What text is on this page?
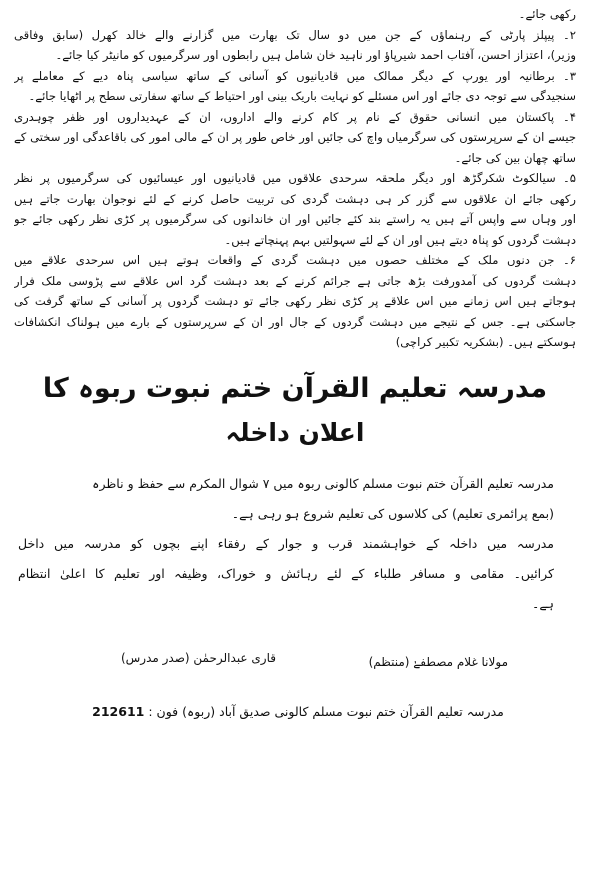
رکھی جائے۔
۲۔ پیپلز پارٹی کے رہنماؤں کے جن میں دو سال تک بھارت میں گزارنے والے خالد کھرل (سابق وفاقی
وزیر)، اعتزاز احسن، آفتاب احمد شیرپاؤ اور ناہید خان شامل ہیں رابطوں اور سرگرمیوں کو مانیٹر کیا جائے۔
۳۔ برطانیہ اور یورپ کے دیگر ممالک میں قادیانیوں کو آسانی کے ساتھ سیاسی پناہ دیے کے معاملے پر
سنجیدگی سے توجہ دی جائے اور اس مسئلے کو نہایت باریک بینی اور احتیاط کے ساتھ سفارتی سطح پر اٹھایا جائے۔
۴۔ پاکستان میں انسانی حقوق کے نام پر کام کرنے والے اداروں، ان کے عہدیداروں اور ظفر چوہدری
جیسے ان کے سرپرستوں کی سرگرمیاں واچ کی جائیں اور خاص طور پر ان کے مالی امور کی باقاعدگی اور سختی کے
ساتھ چھان بین کی جائے۔
۵۔ سیالکوٹ شکرگڑھ اور دیگر ملحقہ سرحدی علاقوں میں قادیانیوں اور عیسائیوں کی سرگرمیوں پر نظر
رکھی جائے ان علاقوں سے گزر کر ہی دہشت گردی کی تربیت حاصل کرنے کے لئے نوجوان بھارت جاتے ہیں
اور وہاں سے واپس آتے ہیں یہ راستے بند کئے جائیں اور ان خاندانوں کی سرگرمیوں پر کڑی نظر رکھی جائے جو
دہشت گردوں کو پناہ دیتے ہیں اور ان کے لئے سہولتیں بہم پہنچاتے ہیں۔
۶۔ جن دنوں ملک کے مختلف حصوں میں دہشت گردی کے واقعات ہوتے ہیں اس سرحدی علاقے میں
دہشت گردوں کی آمدورفت بڑھ جاتی ہے جرائم کرنے کے بعد دہشت گرد اس علاقے سے پڑوسی ملک فرار
ہوجاتے ہیں اس زمانے میں اس علاقے پر کڑی نظر رکھی جائے تو دہشت گردوں پر آسانی کے ساتھ گرفت کی
جاسکتی ہے۔ جس کے نتیجے میں دہشت گردوں کے جال اور ان کے سرپرستوں کے بارے میں ہولناک انکشافات
ہوسکتے ہیں۔ (بشکریہ تکبیر کراچی)
مدرسہ تعلیم القرآن ختم نبوت ربوہ کا
اعلان داخلہ
مدرسہ تعلیم القرآن ختم نبوت مسلم کالونی ربوہ میں ۷ شوال المکرم سے حفظ و ناظرہ
(بمع پرائمری تعلیم) کی کلاسوں کی تعلیم شروع ہو رہی ہے۔
مدرسہ میں داخلہ کے خواہشمند قرب و جوار کے رفقاء اپنے بچوں کو مدرسہ میں داخل
کرائیں۔ مقامی و مسافر طلباء کے لئے رہائش و خوراک، وظیفہ اور تعلیم کا اعلیٰ انتظام
ہے۔
مولانا غلام مصطفےٰ (منتظم)
قاری عبدالرحمٰن (صدر مدرس)
مدرسہ تعلیم القرآن ختم نبوت مسلم کالونی صدیق آباد (ربوہ) فون : 212611
